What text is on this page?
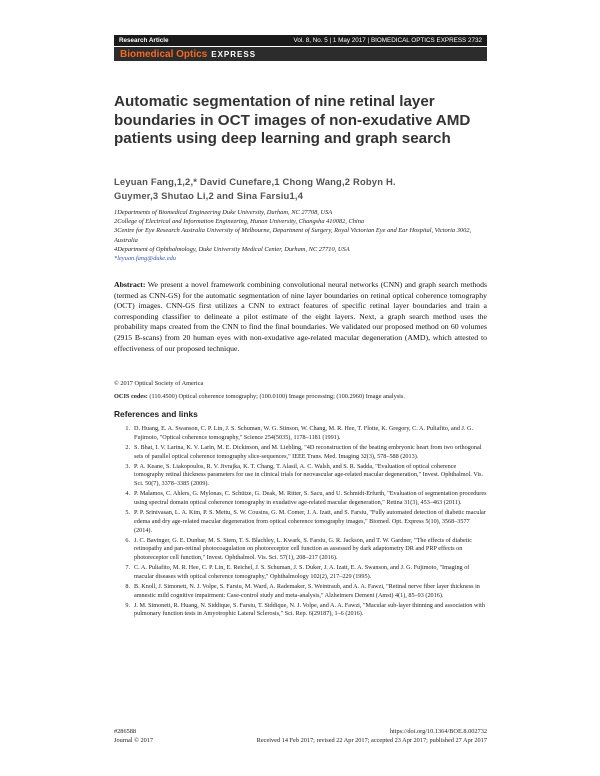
Research Article	Vol. 8, No. 5 | 1 May 2017 | BIOMEDICAL OPTICS EXPRESS 2732
Biomedical Optics EXPRESS
Automatic segmentation of nine retinal layer boundaries in OCT images of non-exudative AMD patients using deep learning and graph search
Leyuan Fang,1,2,* David Cunefare,1 Chong Wang,2 Robyn H.
Guymer,3 Shutao Li,2 and Sina Farsiu1,4
1Departments of Biomedical Engineering Duke University, Durham, NC 27708, USA
2College of Electrical and Information Engineering, Hunan University, Changsha 410082, China
3Centre for Eye Research Australia University of Melbourne, Department of Surgery, Royal Victorian Eye and Ear Hospital, Victoria 3002, Australia
4Department of Ophthalmology, Duke University Medical Center, Durham, NC 27710, USA
*leyuan.fang@duke.edu
Abstract: We present a novel framework combining convolutional neural networks (CNN) and graph search methods (termed as CNN-GS) for the automatic segmentation of nine layer boundaries on retinal optical coherence tomography (OCT) images. CNN-GS first utilizes a CNN to extract features of specific retinal layer boundaries and train a corresponding classifier to delineate a pilot estimate of the eight layers. Next, a graph search method uses the probability maps created from the CNN to find the final boundaries. We validated our proposed method on 60 volumes (2915 B-scans) from 20 human eyes with non-exudative age-related macular degeneration (AMD), which attested to effectiveness of our proposed technique.
© 2017 Optical Society of America
OCIS codes: (110.4500) Optical coherence tomography; (100.0100) Image processing; (100.2960) Image analysis.
References and links
1. D. Huang, E. A. Swanson, C. P. Lin, J. S. Schuman, W. G. Stinson, W. Chang, M. R. Hee, T. Flotte, K. Gregory, C. A. Puliafito, and J. G. Fujimoto, "Optical coherence tomography," Science 254(5035), 1178–1181 (1991).
2. S. Bhat, I. V. Larina, K. V. Larin, M. E. Dickinson, and M. Liebling, "4D reconstruction of the beating embryonic heart from two orthogonal sets of parallel optical coherence tomography slice-sequences," IEEE Trans. Med. Imaging 32(3), 578–588 (2013).
3. P. A. Keane, S. Liakopoulos, R. V. Jivrajka, K. T. Chang, T. Alasil, A. C. Walsh, and S. R. Sadda, "Evaluation of optical coherence tomography retinal thickness parameters for use in clinical trials for neovascular age-related macular degeneration," Invest. Ophthalmol. Vis. Sci. 50(7), 3378–3385 (2009).
4. P. Malamos, C. Ahlers, G. Mylonas, C. Schütze, G. Deak, M. Ritter, S. Sacu, and U. Schmidt-Erfurth, "Evaluation of segmentation procedures using spectral domain optical coherence tomography in exudative age-related macular degeneration," Retina 31(3), 453–463 (2011).
5. P. P. Srinivasan, L. A. Kim, P. S. Mettu, S. W. Cousins, G. M. Comer, J. A. Izatt, and S. Farsiu, "Fully automated detection of diabetic macular edema and dry age-related macular degeneration from optical coherence tomography images," Biomed. Opt. Express 5(10), 3568–3577 (2014).
6. J. C. Bavinger, G. E. Dunbar, M. S. Stem, T. S. Blachley, L. Kwark, S. Farsiu, G. R. Jackson, and T. W. Gardner, "The effects of diabetic retinopathy and pan-retinal photocoagulation on photoreceptor cell function as assessed by dark adaptometry DR and PRP effects on photoreceptor cell function," Invest. Ophthalmol. Vis. Sci. 57(1), 208–217 (2016).
7. C. A. Puliafito, M. R. Hee, C. P. Lin, E. Reichel, J. S. Schuman, J. S. Duker, J. A. Izatt, E. A. Swanson, and J. G. Fujimoto, "Imaging of macular diseases with optical coherence tomography," Ophthalmology 102(2), 217–229 (1995).
8. B. Knoll, J. Simonett, N. J. Volpe, S. Farsiu, M. Ward, A. Rademaker, S. Weintraub, and A. A. Fawzi, "Retinal nerve fiber layer thickness in amnestic mild cognitive impairment: Case-control study and meta-analysis," Alzheimers Dement (Amst) 4(1), 85–93 (2016).
9. J. M. Simonett, R. Huang, N. Siddique, S. Farsiu, T. Siddique, N. J. Volpe, and A. A. Fawzi, "Macular sub-layer thinning and association with pulmonary function tests in Amyotrophic Lateral Sclerosis," Sci. Rep. 6(29187), 1–6 (2016).
#286588	https://doi.org/10.1364/BOE.8.002732
Journal © 2017	Received 14 Feb 2017; revised 22 Apr 2017; accepted 23 Apr 2017; published 27 Apr 2017
